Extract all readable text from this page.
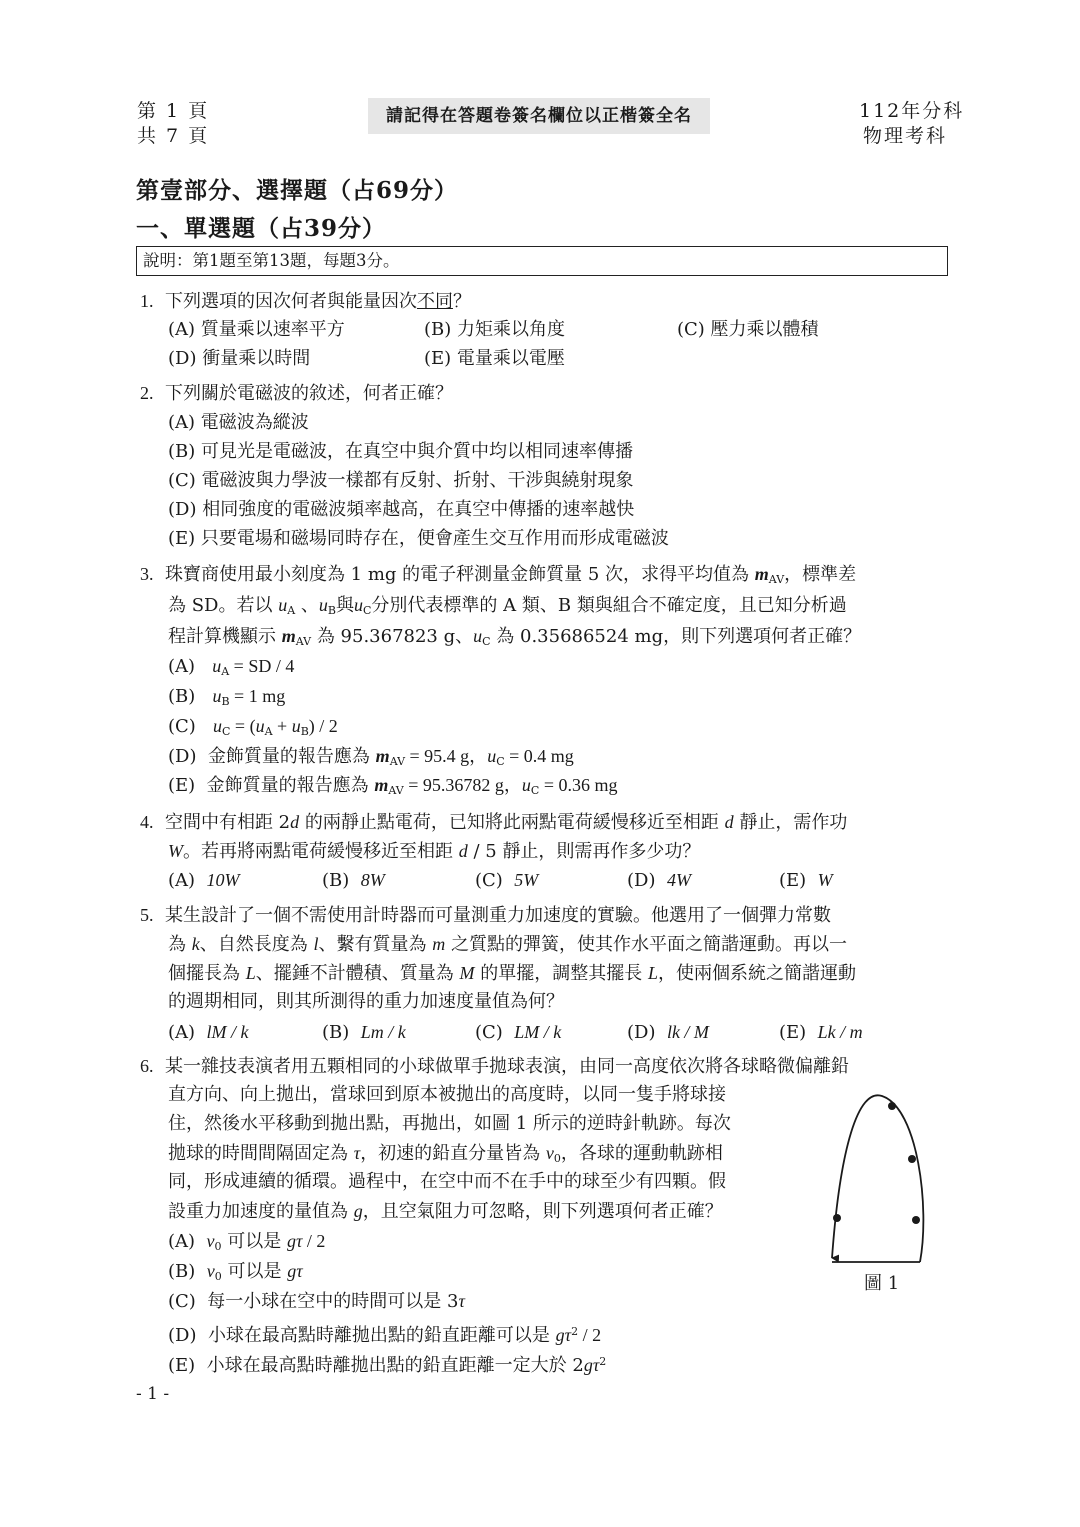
第 1 頁
共 7 頁
請記得在答題卷簽名欄位以正楷簽全名	112年分科
物理考科
第壹部分、選擇題（占69分）
一、單選題（占39分）
說明：第1題至第13題，每題3分。
1. 下列選項的因次何者與能量因次不同？
(A) 質量乘以速率平方	(B) 力矩乘以角度	(C) 壓力乘以體積
(D) 衝量乘以時間	(E) 電量乘以電壓
2. 下列關於電磁波的敘述，何者正確？
(A) 電磁波為縱波
(B) 可見光是電磁波，在真空中與介質中均以相同速率傳播
(C) 電磁波與力學波一樣都有反射、折射、干涉與繞射現象
(D) 相同強度的電磁波頻率越高，在真空中傳播的速率越快
(E) 只要電場和磁場同時存在，便會產生交互作用而形成電磁波
3. 珠寶商使用最小刻度為 1 mg 的電子秤測量金飾質量 5 次，求得平均值為 $m_{AV}$，標準差
為 SD。若以 $u_A$ 、$u_B$與$u_C$分別代表標準的 A 類、B 類與組合不確定度，且已知分析過
程計算機顯示 $m_{AV}$ 為 95.367823 g、$u_C$ 為 0.35686524 mg，則下列選項何者正確？
(A) $u_A$ = SD / 4
(B) $u_B = 1$ mg
(C) $u_C = (u_A + u_B) / 2$
(D) 金飾質量的報告應為 $m_{AV} = 95.4$ g，$u_C = 0.4$ mg
(E) 金飾質量的報告應為 $m_{AV} = 95.36782$ g，$u_C = 0.36$ mg
4. 空間中有相距 2d 的兩靜止點電荷，已知將此兩點電荷緩慢移近至相距 d 靜止，需作功
W。若再將兩點電荷緩慢移近至相距 d / 5 靜止，則需再作多少功？
(A) 10W	(B) 8W	(C) 5W	(D) 4W	(E) W
5. 某生設計了一個不需使用計時器而可量測重力加速度的實驗。他選用了一個彈力常數
為 k、自然長度為 l、繫有質量為 m 之質點的彈簧，使其作水平面之簡諧運動。再以一
個擺長為 L、擺錘不計體積、質量為 M 的單擺，調整其擺長 L，使兩個系統之簡諧運動
的週期相同，則其所測得的重力加速度量值為何？
(A) lM / k	(B) Lm / k	(C) LM / k	(D) lk / M	(E) Lk / m
6. 某一雜技表演者用五顆相同的小球做單手拋球表演，由同一高度依次將各球略微偏離鉛
直方向、向上拋出，當球回到原本被拋出的高度時，以同一隻手將球接
住，然後水平移動到拋出點，再拋出，如圖 1 所示的逆時針軌跡。每次
拋球的時間間隔固定為 τ，初速的鉛直分量皆為 $v_0$，各球的運動軌跡相
同，形成連續的循環。過程中，在空中而不在手中的球至少有四顆。假
設重力加速度的量值為 g，且空氣阻力可忽略，則下列選項何者正確？
(A) $v_0$ 可以是 gτ / 2
(B) $v_0$ 可以是 gτ
(C) 每一小球在空中的時間可以是 3τ
(D) 小球在最高點時離拋出點的鉛直距離可以是 $g\tau^2 / 2$
(E) 小球在最高點時離拋出點的鉛直距離一定大於 $2g\tau^2$
圖 1
- 1 -
